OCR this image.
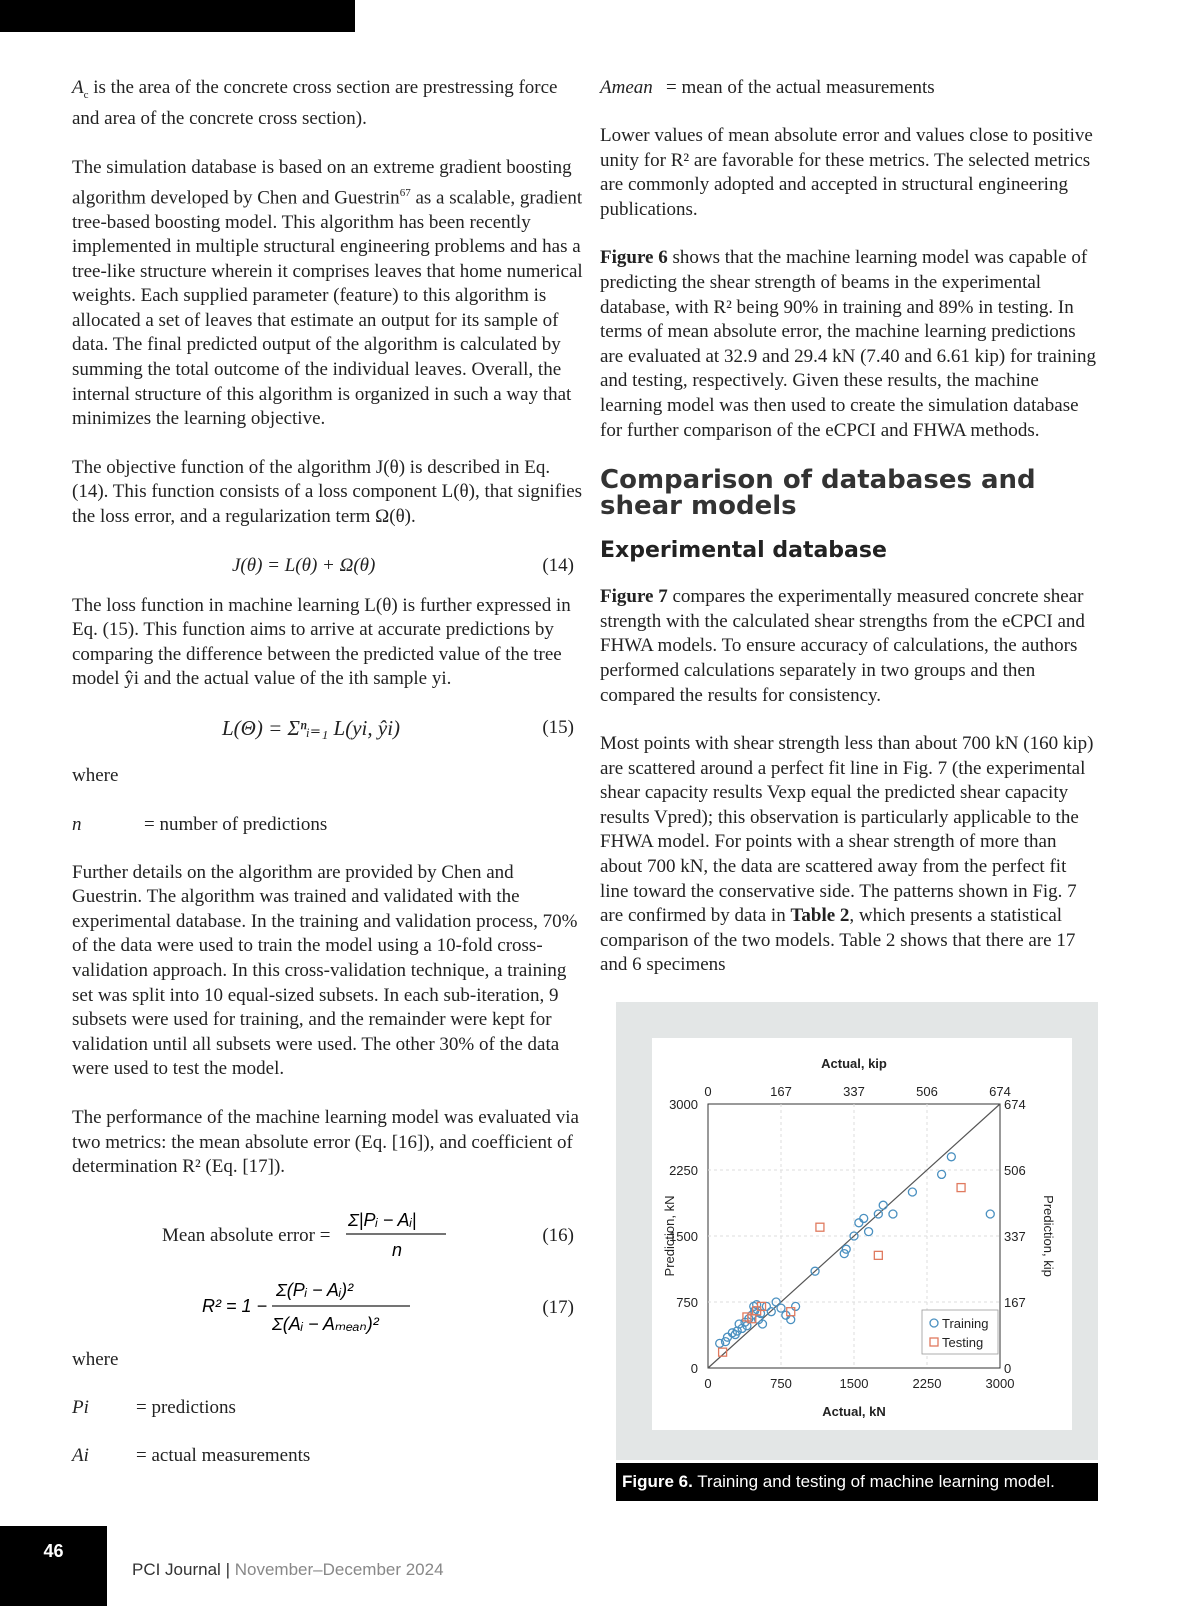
$A_c$ is the area of the concrete cross section are prestressing force and area of the concrete cross section).

The simulation database is based on an extreme gradient boosting algorithm developed by Chen and Guestrin$^{67}$ as a scalable, gradient tree-based boosting model. This algorithm has been recently implemented in multiple structural engineering problems and has a tree-like structure wherein it comprises leaves that home numerical weights. Each supplied parameter (feature) to this algorithm is allocated a set of leaves that estimate an output for its sample of data. The final predicted output of the algorithm is calculated by summing the total outcome of the individual leaves. Overall, the internal structure of this algorithm is organized in such a way that minimizes the learning objective.

The objective function of the algorithm J(θ) is described in Eq. (14). This function consists of a loss component L(θ), that signifies the loss error, and a regularization term Ω(θ).

J(θ) = L(θ) + Ω(θ)	(14)

The loss function in machine learning L(θ) is further expressed in Eq. (15). This function aims to arrive at accurate predictions by comparing the difference between the predicted value of the tree model ŷi and the actual value of the ith sample yi.

L(Θ) = Σⁿᵢ₌₁ L(yi, ŷi)	(15)

where

n	= number of predictions

Further details on the algorithm are provided by Chen and Guestrin. The algorithm was trained and validated with the experimental database. In the training and validation process, 70% of the data were used to train the model using a 10-fold cross-validation approach. In this cross-validation technique, a training set was split into 10 equal-sized subsets. In each sub-iteration, 9 subsets were used for training, and the remainder were kept for validation until all subsets were used. The other 30% of the data were used to test the model.

The performance of the machine learning model was evaluated via two metrics: the mean absolute error (Eq. [16]), and coefficient of determination R² (Eq. [17]).

Mean absolute error =
Σ|Pᵢ − Aᵢ|
n
(16)
R² = 1 −
Σ(Pᵢ − Aᵢ)²
Σ(Aᵢ − Aₘₑₐₙ)²
(17)

where

Pi = predictions
Ai = actual measurements
Amean = mean of the actual measurements

Lower values of mean absolute error and values close to positive unity for R² are favorable for these metrics. The selected metrics are commonly adopted and accepted in structural engineering publications.

Figure 6 shows that the machine learning model was capable of predicting the shear strength of beams in the experimental database, with R² being 90% in training and 89% in testing. In terms of mean absolute error, the machine learning predictions are evaluated at 32.9 and 29.4 kN (7.40 and 6.61 kip) for training and testing, respectively. Given these results, the machine learning model was then used to create the simulation database for further comparison of the eCPCI and FHWA methods.

Comparison of databases and shear models
Experimental database

Figure 7 compares the experimentally measured concrete shear strength with the calculated shear strengths from the eCPCI and FHWA models. To ensure accuracy of calculations, the authors performed calculations separately in two groups and then compared the results for consistency.

Most points with shear strength less than about 700 kN (160 kip) are scattered around a perfect fit line in Fig. 7 (the experimental shear capacity results Vexp equal the predicted shear capacity results Vpred); this observation is particularly applicable to the FHWA model. For points with a shear strength of more than about 700 kN, the data are scattered away from the perfect fit line toward the conservative side. The patterns shown in Fig. 7 are confirmed by data in Table 2, which presents a statistical comparison of the two models. Table 2 shows that there are 17 and 6 specimens

0	750	1500	2250	3000
0
750
1500
2250
3000
0	167	337	506	674
0
167
337
506
674
Actual, kip
Actual, kN
Prediction, kN	Prediction, kip
Training
Testing
Figure 6. Training and testing of machine learning model.
46
PCI Journal | November–December 2024
